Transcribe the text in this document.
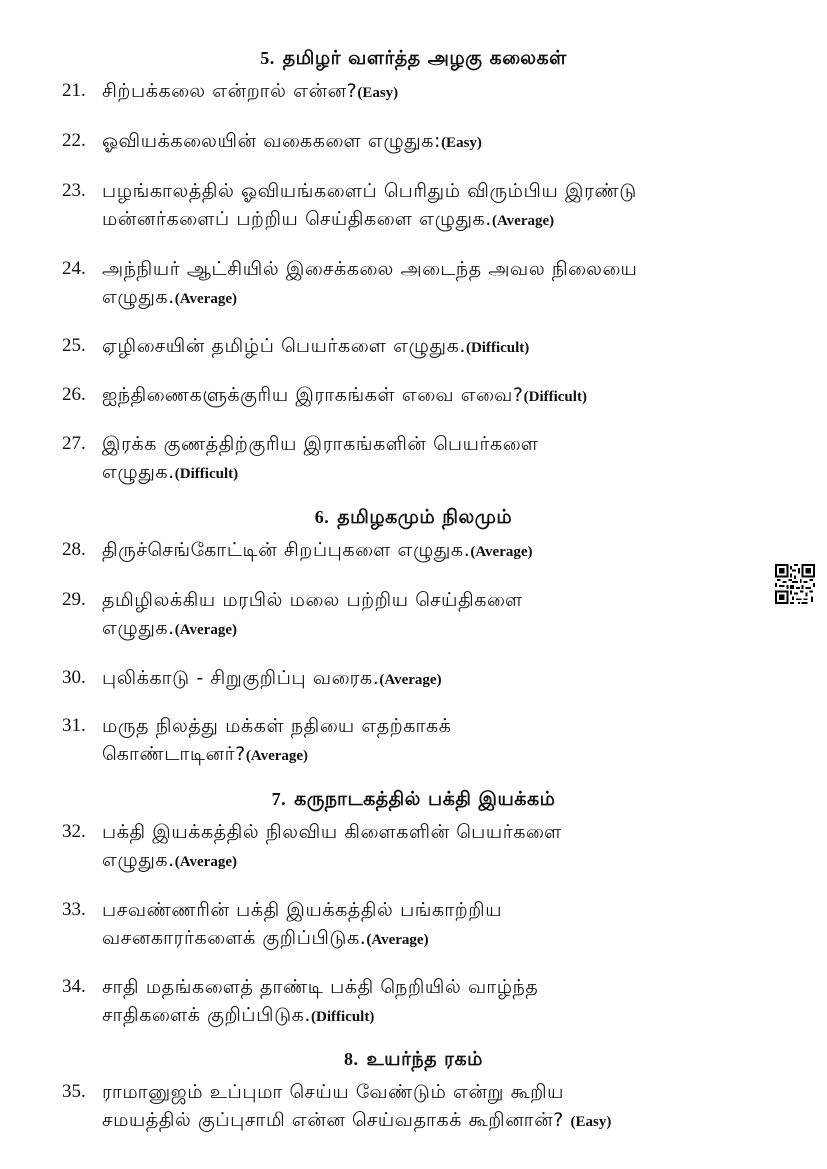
5. தமிழர் வளர்த்த அழகு கலைகள்
21. சிற்பக்கலை என்றால் என்ன?(Easy)
22. ஓவியக்கலையின் வகைகளை எழுதுக:(Easy)
23. பழங்காலத்தில் ஓவியங்களைப் பெரிதும் விரும்பிய இரண்டு
மன்னர்களைப் பற்றிய செய்திகளை எழுதுக.(Average)
24. அந்நியர் ஆட்சியில் இசைக்கலை அடைந்த அவல நிலையை
எழுதுக.(Average)
25. ஏழிசையின் தமிழ்ப் பெயர்களை எழுதுக.(Difficult)
26. ஐந்திணைகளுக்குரிய இராகங்கள் எவை எவை?(Difficult)
27. இரக்க குணத்திற்குரிய இராகங்களின் பெயர்களை
எழுதுக.(Difficult)
6. தமிழகமும் நிலமும்
28. திருச்செங்கோட்டின் சிறப்புகளை எழுதுக.(Average)
29. தமிழிலக்கிய மரபில் மலை பற்றிய செய்திகளை
எழுதுக.(Average)
30. புலிக்காடு - சிறுகுறிப்பு வரைக.(Average)
31. மருத நிலத்து மக்கள் நதியை எதற்காகக்
கொண்டாடினர்?(Average)
7. கருநாடகத்தில் பக்தி இயக்கம்
32. பக்தி இயக்கத்தில் நிலவிய கிளைகளின் பெயர்களை
எழுதுக.(Average)
33. பசவண்ணரின் பக்தி இயக்கத்தில் பங்காற்றிய
வசனகாரர்களைக் குறிப்பிடுக.(Average)
34. சாதி மதங்களைத் தாண்டி பக்தி நெறியில் வாழ்ந்த
சாதிகளைக் குறிப்பிடுக.(Difficult)
8. உயர்ந்த ரகம்
35. ராமானுஜம் உப்புமா செய்ய வேண்டும் என்று கூறிய
சமயத்தில் குப்புசாமி என்ன செய்வதாகக் கூறினான்? (Easy)
